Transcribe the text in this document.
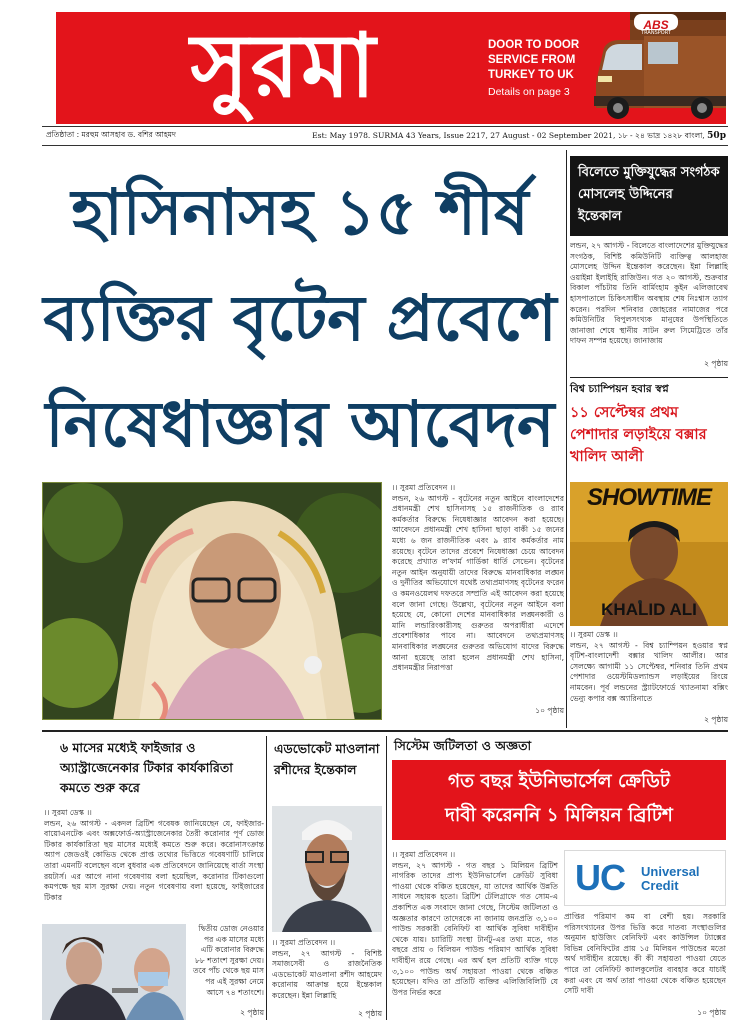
সুরমা	DOOR TO DOOR
SERVICE FROM
TURKEY TO UK
Details on page 3
ABS
TRANSPORT
প্রতিষ্ঠাতা : মরহুম আসহাব ড. বশির আহমদ	Est: May 1978. SURMA 43 Years, Issue 2217, 27 August - 02 September 2021, ১৮ - ২৪ ভাদ্র ১৪২৮ বাংলা, 50p
হাসিনাসহ ১৫ শীর্ষ
ব্যক্তির বৃটেন প্রবেশে
নিষেধাজ্ঞার আবেদন
।। সুরমা প্রতিবেদন ।।
লন্ডন, ২৬ আগস্ট - বৃটেনের নতুন আইনে বাংলাদেশের প্রধানমন্ত্রী শেখ হাসিনাসহ ১৫ রাজনীতিক ও র‍্যাব কর্মকর্তার বিরুদ্ধে নিষেধাজ্ঞার আবেদন করা হয়েছে। আবেদনে প্রধানমন্ত্রী শেখ হাসিনা ছাড়া বাকী ১৫ জনের মধ্যে ৬ জন রাজনীতিক এবং ৯ র‍্যাব কর্মকর্তার নাম রয়েছে। বৃটেনে তাদের প্রবেশে নিষেধাজ্ঞা চেয়ে আবেদন করেছে প্রখ্যাত ল'ফার্ম গার্ডিকা ধার্তি সেভেন। বৃটেনের নতুন আইন অনুযায়ী তাদের বিরুদ্ধে মানবাধিকার লঙ্ঘন ও দুর্নীতির অভিযোগে যথেষ্ট তথ্যপ্রমাণসহ বৃটেনের ফরেন ও কমনওয়েলথ দফতরে সম্প্রতি এই আবেদন করা হয়েছে বলে জানা গেছে। উল্লেখ্য, বৃটেনের নতুন আইনে বলা হয়েছে যে, কোনো দেশের মানবাধিকার লঙ্ঘনকারী ও মানি লন্ডারিংকারীসহ গুরুতর অপরাধীরা এদেশে প্রবেশাধিকার পাবে না। আবেদনে তথ্যপ্রমাণসহ মানবাধিকার লঙ্ঘনের গুরুতর অভিযোগ যাদের বিরুদ্ধে আনা হয়েছে তারা হলেন প্রধানমন্ত্রী শেখ হাসিনা, প্রধানমন্ত্রীর নিরাপত্তা
১০ পৃষ্ঠায়
বিলেতে মুক্তিযুদ্ধের সংগঠক মোসলেহ উদ্দিনের ইন্তেকাল
লন্ডন, ২৭ আগস্ট - বিলেতে বাংলাদেশের মুক্তিযুদ্ধের সংগঠক, বিশিষ্ট কমিউনিটি ব্যক্তিত্ব আলহাজ মোসলেহ উদ্দিন ইন্তেকাল করেছেন। ইন্না লিল্লাহি ওয়াইন্না ইলাইহি রাজিউন। গত ২০ আগস্ট, শুক্রবার বিকাল পাঁচটায় তিনি বার্মিংহাম কুইন এলিজাবেথ হাসপাতালে চিকিৎসাধীন অবস্থায় শেষ নিঃশ্বাস ত্যাগ করেন। পরদিন শনিবার জোহরের নামাজের পরে কমিউনিটির বিপুলসংখ্যক মানুষের উপস্থিতিতে জানাজা শেষে স্থানীয় সাটন রুল সিমেট্রিতে তাঁর দাফন সম্পন্ন হয়েছে। জানাজায়
২ পৃষ্ঠায়
বিশ্ব চ্যাম্পিয়ন হবার স্বপ্ন
১১ সেপ্টেম্বর প্রথম পেশাদার লড়াইয়ে বক্সার খালিদ আলী
SHOWTIME
KHALID ALI
।। সুরমা ডেস্ক ।।
লন্ডন, ২৭ আগস্ট - বিশ্ব চ্যাম্পিয়ন হওয়ার স্বপ্ন বৃটিশ-বাংলাদেশী বক্সার খালিদ আলীর। আর সেলক্ষ্যে আগামী ১১ সেপ্টেম্বর, শনিবার তিনি প্রথম পেশাদার ওয়েস্টমিডল্যান্ডস লড়াইয়ের রিংয়ে নামবেন। পূর্ব লন্ডনের স্ট্র্যাটফোর্ডে খ্যাতনামা বক্সিং ভেন্যু কপার বক্স অ্যারিনাতে
২ পৃষ্ঠায়
৬ মাসের মধ্যেই ফাইজার ও অ্যাস্ট্রাজেনেকার টিকার কার্যকারিতা কমতে শুরু করে
।। সুরমা ডেস্ক ।।
লন্ডন, ২৬ আগস্ট - একদল ব্রিটিশ গবেষক জানিয়েছেন যে, ফাইজার-বায়োএনটেক এবং অক্সফোর্ড-অ্যাস্ট্রাজেনেকার তৈরী করোনার পূর্ণ ডোজ টিকার কার্যকারিতা ছয় মাসের মধ্যেই কমতে শুরু করে। করোনাসংক্রান্ত অ্যাপ জেডওই কোভিড থেকে প্রাপ্ত তথ্যের ভিত্তিতে গবেষণাটি চালিয়ে তারা এমনটি বলেছেন বলে বুধবার এক প্রতিবেদনে জানিয়েছে বার্তা সংস্থা রয়টার্স। এর আগে নানা গবেষণায় বলা হয়েছিল, করোনার টিকাগুলো কমপক্ষে ছয় মাস সুরক্ষা দেয়। নতুন গবেষণায় বলা হয়েছে, ফাইজারের টিকার
দ্বিতীয় ডোজ নেওয়ার পর এক মাসের মধ্যে এটি করোনার বিরুদ্ধে ৮৮ শতাংশ সুরক্ষা দেয়। তবে পাঁচ থেকে ছয় মাস পর এই সুরক্ষা নেমে আসে ৭৪ শতাংশে।
২ পৃষ্ঠায়
এডভোকেট মাওলানা রশীদের ইন্তেকাল
।। সুরমা প্রতিবেদন ।।
লন্ডন, ২৭ আগস্ট - বিশিষ্ট সমাজসেবী ও রাজনৈতিক এডভোকেট মাওলানা রশীদ আহমেদ করোনায় আক্রান্ত হয়ে ইন্তেকাল করেছেন। ইন্না লিল্লাহি
২ পৃষ্ঠায়
সিস্টেম জটিলতা ও অজ্ঞতা
গত বছর ইউনিভার্সেল ক্রেডিট
দাবী করেননি ১ মিলিয়ন ব্রিটিশ
।। সুরমা প্রতিবেদন ।।
লন্ডন, ২৭ আগস্ট - গত বছর ১ মিলিয়ন ব্রিটিশ নাগরিক তাদের প্রাপ্য ইউনিভার্সেল ক্রেডিট সুবিধা পাওয়া থেকে বঞ্চিত হয়েছেন, যা তাদের আর্থিক উন্নতি সাধনে সহায়ক হতো। ব্রিটিশ টেলিগ্রাফে গত সোম-এ প্রকাশিত এক সংবাদে জানা গেছে, সিস্টেম জটিলতা ও অজ্ঞতার কারণে তাদেরকে না জানায় জনপ্রতি ৩,১০০ পাউন্ড সরকারী বেনিফিট বা আর্থিক সুবিধা দাবীহীন থেকে যায়। চ্যারিটি সংস্থা টার্নটু-এর তথ্য মতে, গত বছরে প্রায় ৩ বিলিয়ন পাউন্ড পরিমাণ আর্থিক সুবিধা দাবীহীন রয়ে গেছে। এর অর্থ হল প্রতিটি ব্যক্তি গড়ে ৩,১০০ পাউন্ড অর্থ সহায়তা পাওয়া থেকে বঞ্চিত হয়েছেন। যদিও তা প্রতিটি ব্যক্তির এলিজিবিলিটি যে উপর নির্ভর করে
UC Universal
Credit
প্রাপ্তির পরিমাণ কম বা বেশী হয়। সরকারি পরিসংখ্যানের উপর ভিত্তি করে দাতব্য সংস্থাগুলির অনুমান হাউজিং বেনিফিট এবং কাউন্সিল ট্যাক্সের বিভিন্ন বেনিফিটের প্রায় ১৫ মিলিয়ন পাউন্ডের মতো অর্থ দাবীহীন রয়েছে। কী কী সহায়তা পাওয়া যেতে পারে তা বেনিফিট ক্যালকুলেটর ব্যবহার করে যাচাই করা এবং যে অর্থ তারা পাওয়া থেকে বঞ্চিত হয়েছেন সেটি দাবী
১০ পৃষ্ঠায়
